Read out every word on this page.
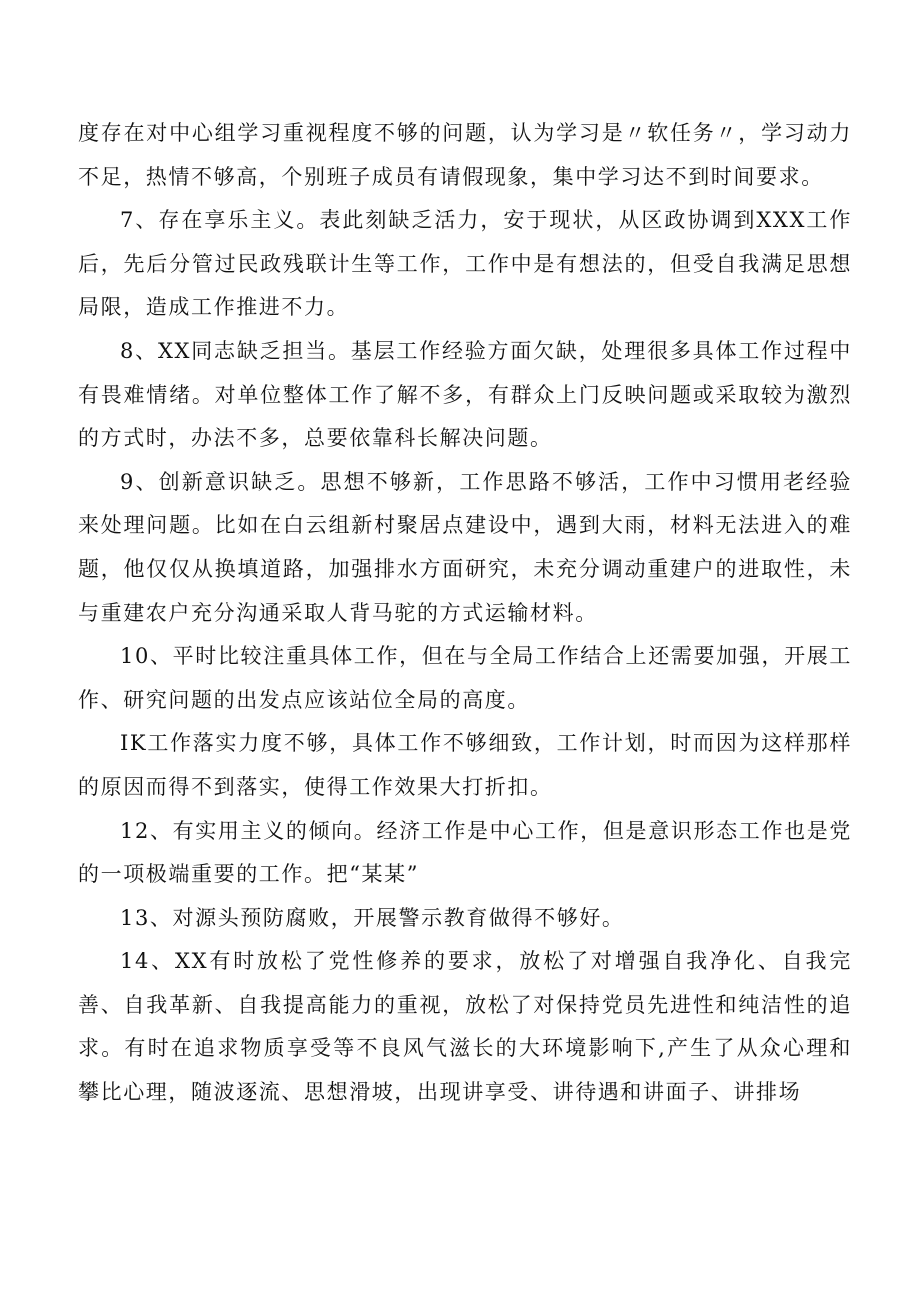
度存在对中心组学习重视程度不够的问题，认为学习是〃软任务〃，学习动力不足，热情不够高，个别班子成员有请假现象，集中学习达不到时间要求。

7、存在享乐主义。表此刻缺乏活力，安于现状，从区政协调到XXX工作后，先后分管过民政残联计生等工作，工作中是有想法的，但受自我满足思想局限，造成工作推进不力。

8、XX同志缺乏担当。基层工作经验方面欠缺，处理很多具体工作过程中有畏难情绪。对单位整体工作了解不多，有群众上门反映问题或采取较为激烈的方式时，办法不多，总要依靠科长解决问题。

9、创新意识缺乏。思想不够新，工作思路不够活，工作中习惯用老经验来处理问题。比如在白云组新村聚居点建设中，遇到大雨，材料无法进入的难题，他仅仅从换填道路，加强排水方面研究，未充分调动重建户的进取性，未与重建农户充分沟通采取人背马驼的方式运输材料。

10、平时比较注重具体工作，但在与全局工作结合上还需要加强，开展工作、研究问题的出发点应该站位全局的高度。

IK工作落实力度不够，具体工作不够细致，工作计划，时而因为这样那样的原因而得不到落实，使得工作效果大打折扣。

12、有实用主义的倾向。经济工作是中心工作，但是意识形态工作也是党的一项极端重要的工作。把“某某”

13、对源头预防腐败，开展警示教育做得不够好。

14、XX有时放松了党性修养的要求，放松了对增强自我净化、自我完善、自我革新、自我提高能力的重视，放松了对保持党员先进性和纯洁性的追求。有时在追求物质享受等不良风气滋长的大环境影响下,产生了从众心理和攀比心理，随波逐流、思想滑坡，出现讲享受、讲待遇和讲面子、讲排场
